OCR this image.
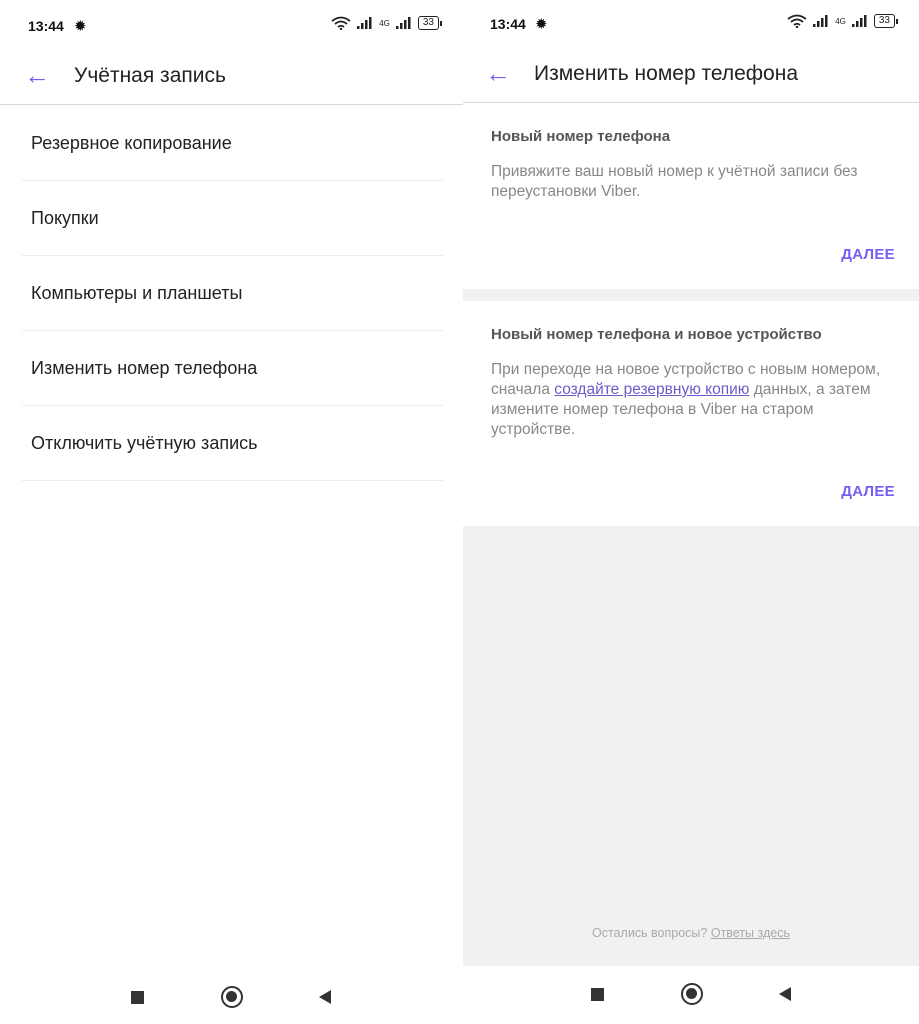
13:44 ✹	4G	33
← Учётная запись
Резервное копирование
Покупки
Компьютеры и планшеты
Изменить номер телефона
Отключить учётную запись
13:44 ✹	4G	33
← Изменить номер телефона
Новый номер телефона
Привяжите ваш новый номер к учётной записи без переустановки Viber.
ДАЛЕЕ
Новый номер телефона и новое устройство
При переходе на новое устройство с новым номером, сначала создайте резервную копию данных, а затем измените номер телефона в Viber на старом устройстве.
ДАЛЕЕ
Остались вопросы? Ответы здесь
